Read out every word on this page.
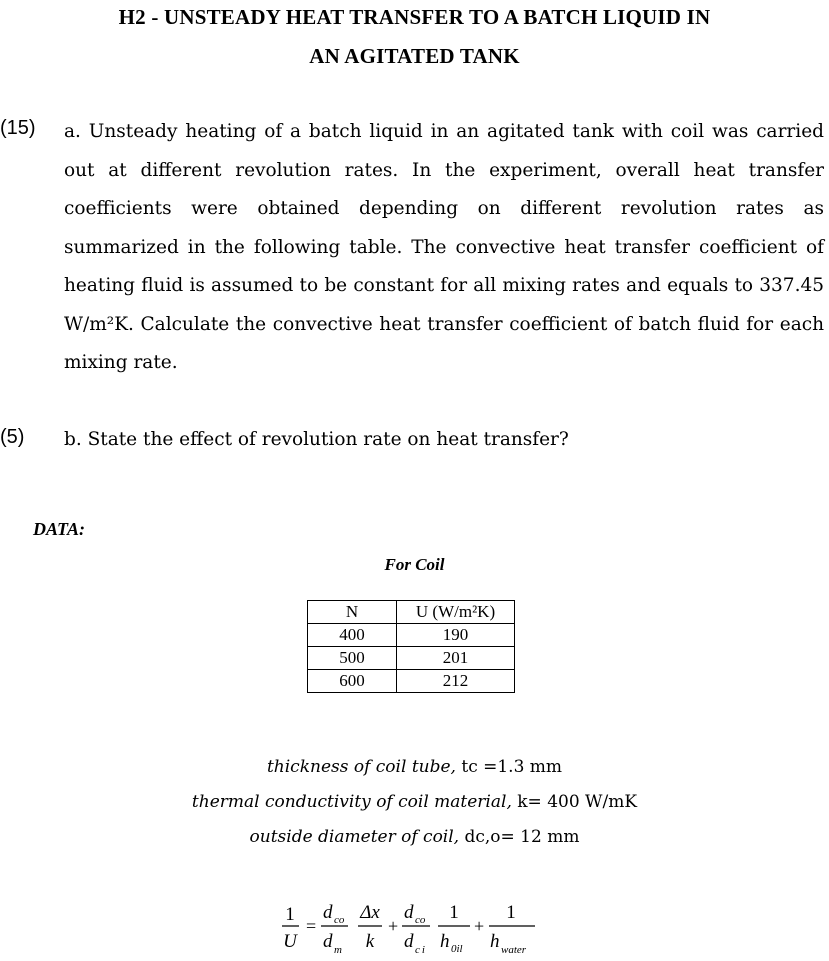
H2 - UNSTEADY HEAT TRANSFER TO A BATCH LIQUID IN
AN AGITATED TANK
(15) a. Unsteady heating of a batch liquid in an agitated tank with coil was carried out at different revolution rates. In the experiment, overall heat transfer coefficients were obtained depending on different revolution rates as summarized in the following table. The convective heat transfer coefficient of heating fluid is assumed to be constant for all mixing rates and equals to 337.45 W/m²K. Calculate the convective heat transfer coefficient of batch fluid for each mixing rate.
(5) b. State the effect of revolution rate on heat transfer?
DATA:
For Coil
N	U (W/m²K)
400	190
500	201
600	212
thickness of coil tube, tc =1.3 mm
thermal conductivity of coil material, k= 400 W/mK
outside diameter of coil, dc,o= 12 mm
1
U
=
d co
d m
Δx
k
+
d co
d ci
1
h 0il
+
1
h water
